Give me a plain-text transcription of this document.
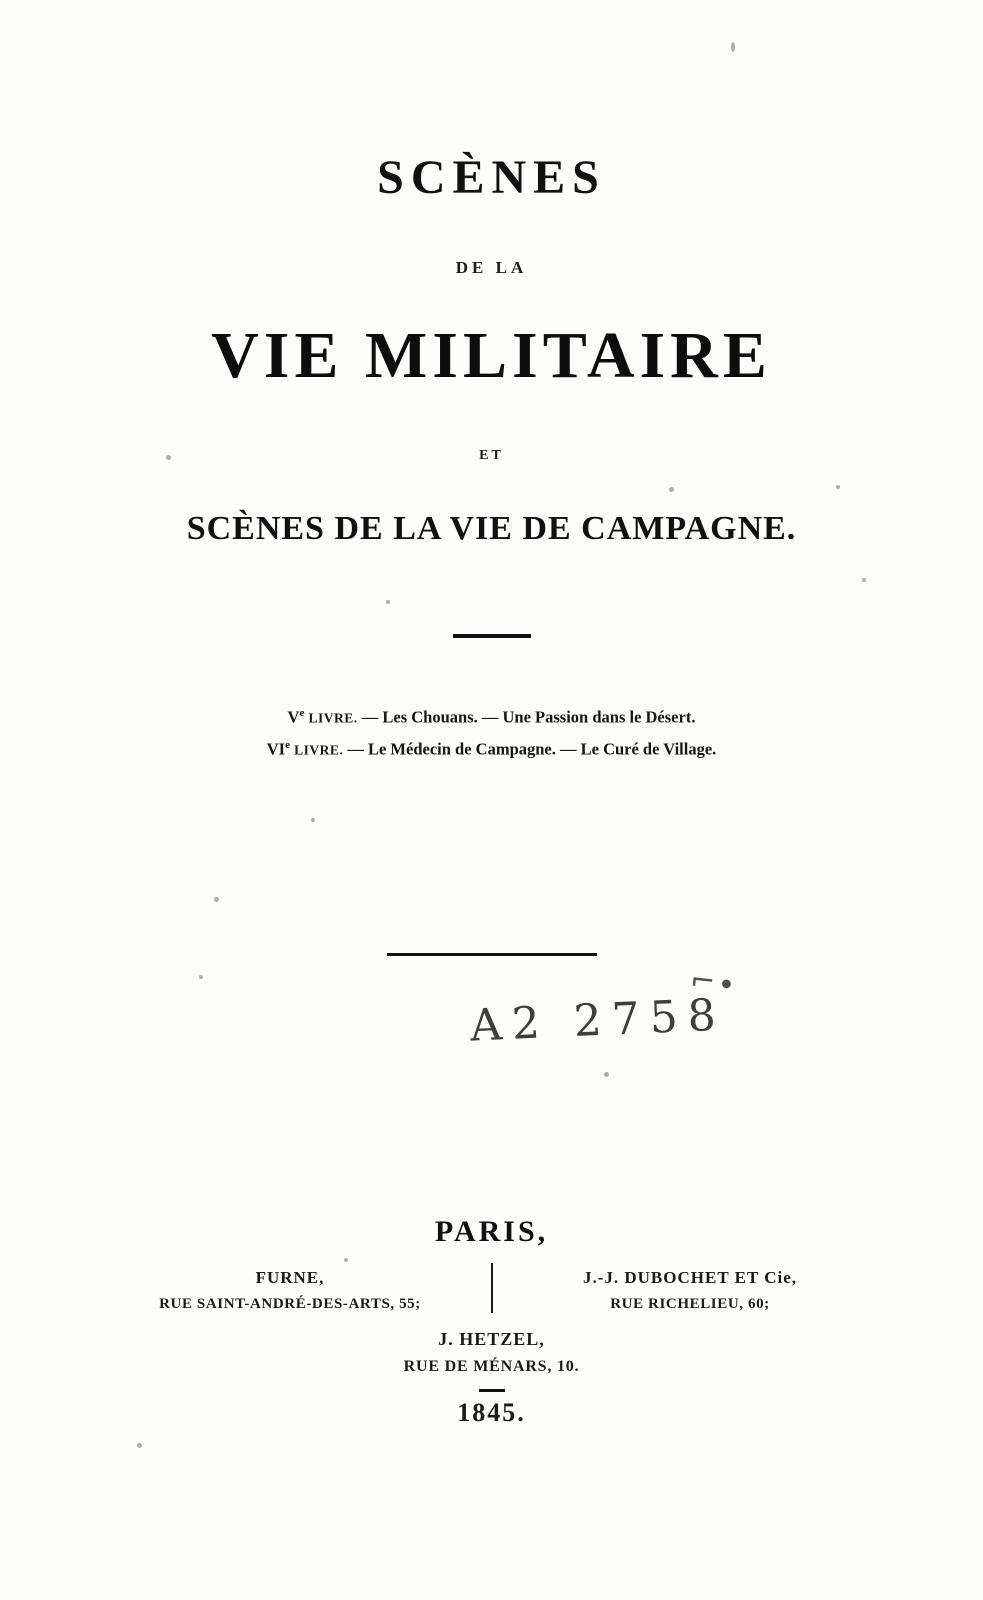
SCÈNES
DE LA
VIE MILITAIRE
ET
SCÈNES DE LA VIE DE CAMPAGNE.
Ve LIVRE. — Les Chouans. — Une Passion dans le Désert.
VIe LIVRE. — Le Médecin de Campagne. — Le Curé de Village.
A2 2758
⌐∙
PARIS,
FURNE,
RUE SAINT-ANDRÉ-DES-ARTS, 55;
J.-J. DUBOCHET ET Cie,
RUE RICHELIEU, 60;
J. HETZEL,
RUE DE MÉNARS, 10.
1845.
